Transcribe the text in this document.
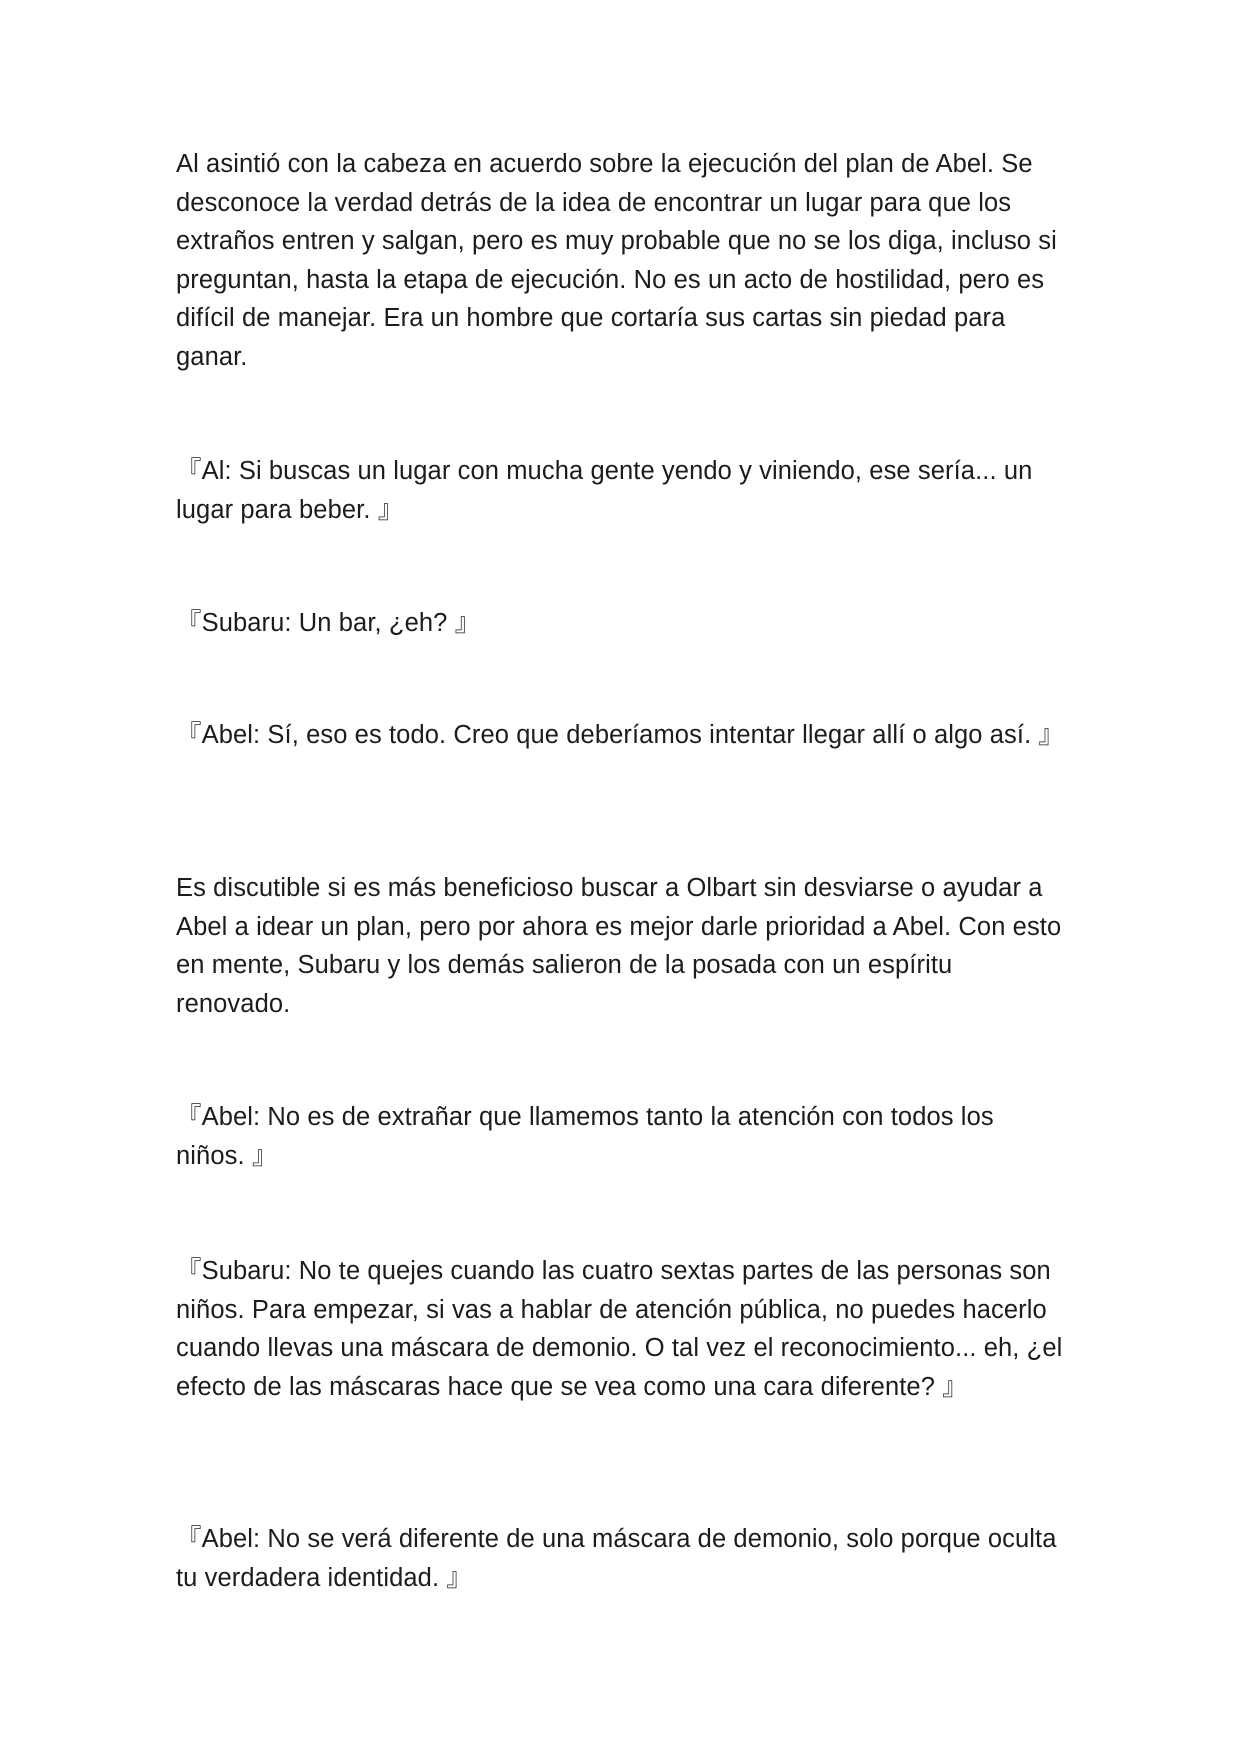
Al asintió con la cabeza en acuerdo sobre la ejecución del plan de Abel. Se desconoce la verdad detrás de la idea de encontrar un lugar para que los extraños entren y salgan, pero es muy probable que no se los diga, incluso si preguntan, hasta la etapa de ejecución. No es un acto de hostilidad, pero es difícil de manejar. Era un hombre que cortaría sus cartas sin piedad para ganar.

『Al: Si buscas un lugar con mucha gente yendo y viniendo, ese sería... un lugar para beber. 』

『Subaru: Un bar, ¿eh? 』

『Abel: Sí, eso es todo. Creo que deberíamos intentar llegar allí o algo así. 』

Es discutible si es más beneficioso buscar a Olbart sin desviarse o ayudar a Abel a idear un plan, pero por ahora es mejor darle prioridad a Abel. Con esto en mente, Subaru y los demás salieron de la posada con un espíritu renovado.

『Abel: No es de extrañar que llamemos tanto la atención con todos los niños. 』

『Subaru: No te quejes cuando las cuatro sextas partes de las personas son niños. Para empezar, si vas a hablar de atención pública, no puedes hacerlo cuando llevas una máscara de demonio. O tal vez el reconocimiento... eh, ¿el efecto de las máscaras hace que se vea como una cara diferente? 』

『Abel: No se verá diferente de una máscara de demonio, solo porque oculta tu verdadera identidad. 』
